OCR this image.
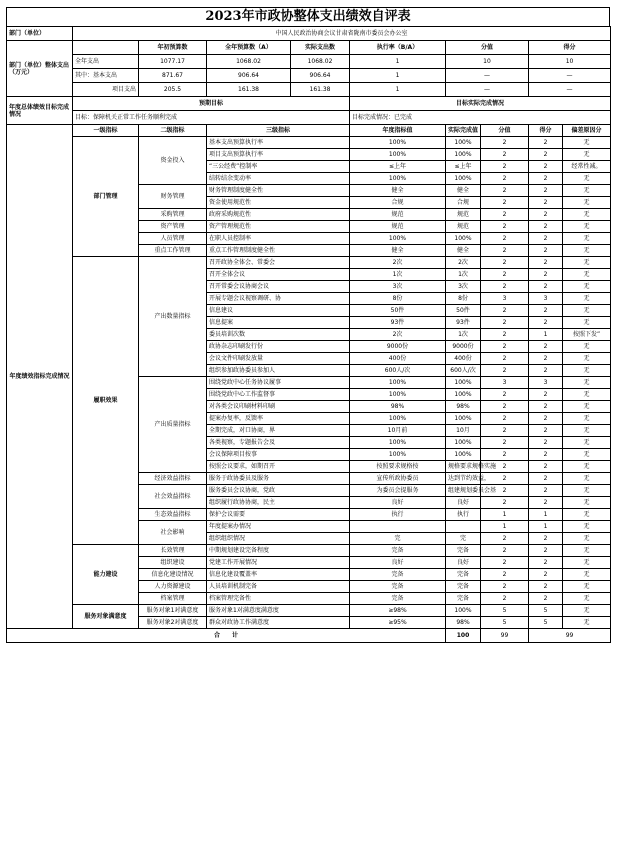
2023年市政协整体支出绩效自评表
部门（单位）	中国人民政治协商会议甘肃省陇南市委员会办公室								
部门（单位）整体支出（万元）		年初预算数	全年预算数（A）	实际支出数	执行率（B/A）	分值		得分	
	全年支出	1077.17	1068.02	1068.02	1	10		10	
	其中：基本支出	871.67	906.64	906.64	1	—		—	
	项目支出	205.5	161.38	161.38	1	—		—	
年度总体绩效目标完成情况	预期目标				目标实际完成情况				
	目标：保障机关正常工作任务顺利完成				目标完成情况：已完成				
年度绩效指标完成情况	一级指标	二级指标	三级指标		年度指标值	实际完成值	分值	得分	偏差原因分
	部门管理	资金投入	基本支出预算执行率		100%	100%	2	2	无
			项目支出预算执行率		100%	100%	2	2	无
			“三公经费”控制率		≤上年	≤上年	2	2	经常性减。
			结转结余变动率		100%	100%	2	2	无
		财务管理	财务管理制度健全性		健全	健全	2	2	无
			资金使用规范性		合规	合规	2	2	无
		采购管理	政府采购规范性		规范	规范	2	2	无
		资产管理	资产管理规范性		规范	规范	2	2	无
		人员管理	在职人员控制率		100%	100%	2	2	无
		重点工作管理	重点工作管理制度健全性		健全	健全	2	2	无
	履职效果	产出数量指标	召开政协全体会、常委会		2次	2次	2	2	无
			召开全体会议		1次	1次	2	2	无
			召开常委会议协商会议		3次	3次	2	2	无
			开展专题会议视察调研、协		8份	8份	3	3	无
			信息建议		50件	50件	2	2	无
			信息提案		93件	93件	2	2	无
			委员培训次数		2次	1次	2	1	按照下发”
			政协杂志印刷发行份		9000份	9000份	2	2	无
			会议文件印刷发放量		400份	400份	2	2	无
			组织参加政协委员参加人		600人/次	600人/次	2	2	无
		产出质量指标	围绕党政中心任务协议履事		100%	100%	3	3	无
			围绕党政中心工作监督事		100%	100%	2	2	无
			对各类会议印刷材料印刷		98%	98%	2	2	无
			提案办复率，反馈率		100%	100%	2	2	无
			全期完成，对口协商，界		10月前	10月	2	2	无
			各类视察，专题报告会及		100%	100%	2	2	无
			会议保障项目按事		100%	100%	2	2	无
			按照会议要求，如期召开		按照要求规格按	规格要求规格实施	2	2	无
		经济效益指标	服务于政协委员及服务		宣传所政协委员	达到节约效益，	2	2	无
		社会效益指标	服务委员会议协商，党政		为委员会提服务	组建规划委员会基	2	2	无
			组织履行政协协商，民主		良好	良好	2	2	无
		生态效益指标	保护会议需要		执行	执行	1	1	无
		社会影响	年度提案办情况				1	1	无
			组织组织情况		完	完	2	2	无
	能力建设	长效管理	中期规划建设完备程度		完备	完备	2	2	无
		组织建设	党建工作开展情况		良好	良好	2	2	无
		信息化建设情况	信息化建设覆盖率		完备	完备	2	2	无
		人力资源建设	人员培训机制完备		完备	完备	2	2	无
		档案管理	档案管理完备性		完备	完备	2	2	无
	服务对象满意度	服务对象1对满意度	服务对象1对满意度满意度		≥98%	100%	5	5	无
		服务对象2对满意度	群众对政协工作满意度		≥95%	98%	5	5	无
合　　计						100	99	99	
